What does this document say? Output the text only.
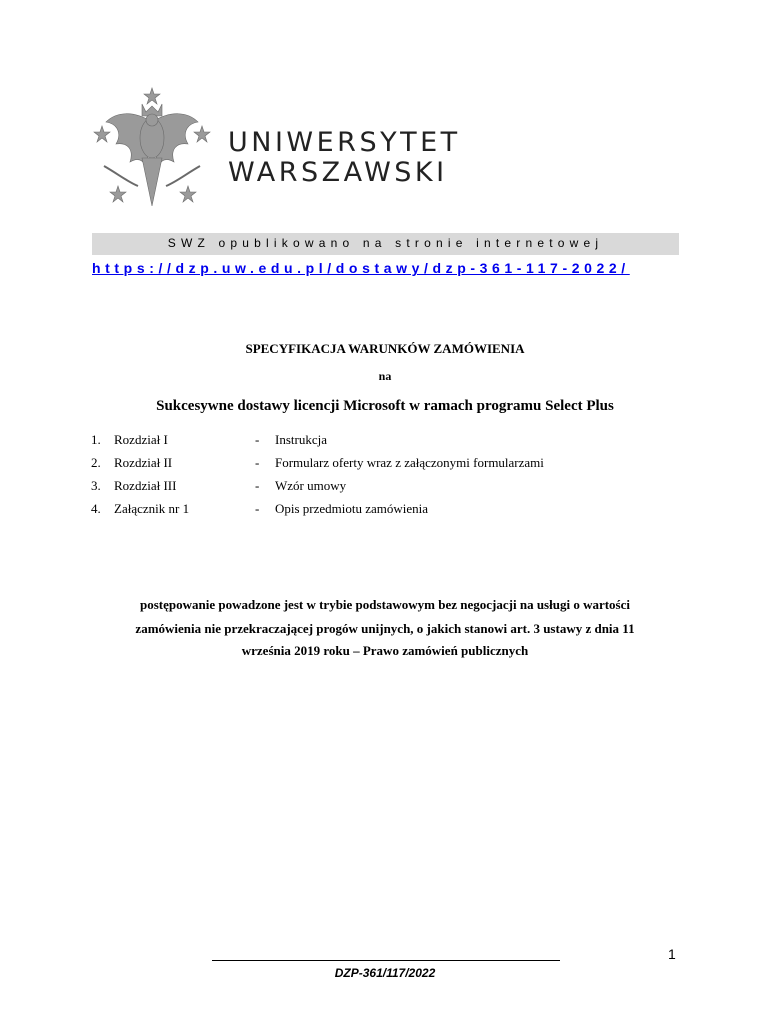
UNIWERSYTET
WARSZAWSKI
SWZ opublikowano na stronie internetowej
https://dzp.uw.edu.pl/dostawy/dzp-361-117-2022/
SPECYFIKACJA WARUNKÓW ZAMÓWIENIA
na
Sukcesywne dostawy licencji Microsoft w ramach programu Select Plus
1. Rozdział I	- Instrukcja
2. Rozdział II	- Formularz oferty wraz z załączonymi formularzami
3. Rozdział III	- Wzór umowy
4. Załącznik nr 1	- Opis przedmiotu zamówienia
postępowanie powadzone jest w trybie podstawowym bez negocjacji na usługi o wartości
zamówienia nie przekraczającej progów unijnych, o jakich stanowi art. 3 ustawy z dnia 11
września 2019 roku – Prawo zamówień publicznych
1
DZP-361/117/2022
